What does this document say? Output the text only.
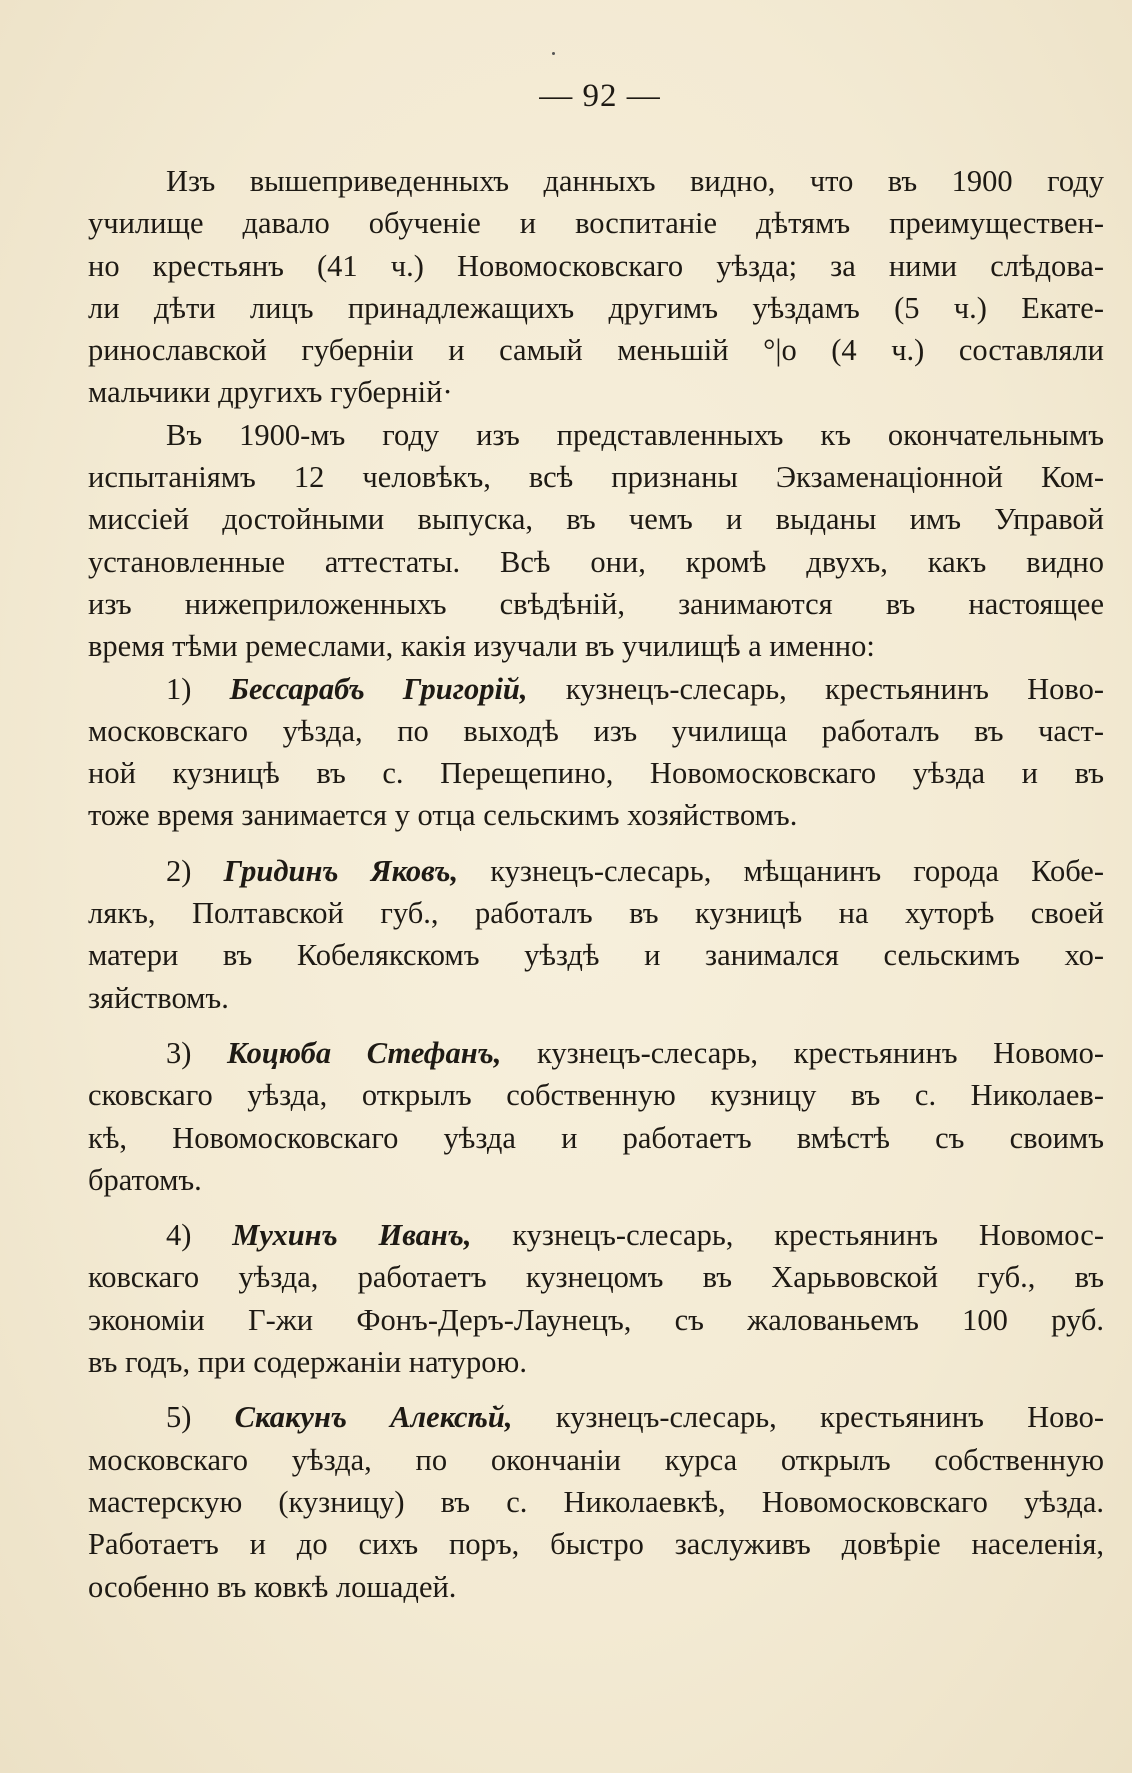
— 92 —
Изъ вышеприведенныхъ данныхъ видно, что въ 1900 году
училище давало обученіе и воспитаніе дѣтямъ преимуществен-
но крестьянъ (41 ч.) Новомосковскаго уѣзда; за ними слѣдова-
ли дѣти лицъ принадлежащихъ другимъ уѣздамъ (5 ч.) Екате-
ринославской губерніи и самый меньшій °|о (4 ч.) составляли
мальчики другихъ губерній·
Въ 1900-мъ году изъ представленныхъ къ окончательнымъ
испытаніямъ 12 человѣкъ, всѣ признаны Экзаменаціонной Ком-
миссіей достойными выпуска, въ чемъ и выданы имъ Управой
установленные аттестаты. Всѣ они, кромѣ двухъ, какъ видно
изъ нижеприложенныхъ свѣдѣній, занимаются въ настоящее
время тѣми ремеслами, какія изучали въ училищѣ а именно:
1) Бессарабъ Григорій, кузнецъ-слесарь, крестьянинъ Ново-
московскаго уѣзда, по выходѣ изъ училища работалъ въ част-
ной кузницѣ въ с. Перещепино, Новомосковскаго уѣзда и въ
тоже время занимается у отца сельскимъ хозяйствомъ.
2) Гридинъ Яковъ, кузнецъ-слесарь, мѣщанинъ города Кобе-
лякъ, Полтавской губ., работалъ въ кузницѣ на хуторѣ своей
матери въ Кобелякскомъ уѣздѣ и занимался сельскимъ хо-
зяйствомъ.
3) Коцюба Стефанъ, кузнецъ-слесарь, крестьянинъ Новомо-
сковскаго уѣзда, открылъ собственную кузницу въ с. Николаев-
кѣ, Новомосковскаго уѣзда и работаетъ вмѣстѣ съ своимъ
братомъ.
4) Мухинъ Иванъ, кузнецъ-слесарь, крестьянинъ Новомос-
ковскаго уѣзда, работаетъ кузнецомъ въ Харьвовской губ., въ
экономіи Г-жи Фонъ-Деръ-Лаунецъ, съ жалованьемъ 100 руб.
въ годъ, при содержаніи натурою.
5) Скакунъ Алексѣй, кузнецъ-слесарь, крестьянинъ Ново-
московскаго уѣзда, по окончаніи курса открылъ собственную
мастерскую (кузницу) въ с. Николаевкѣ, Новомосковскаго уѣзда.
Работаетъ и до сихъ поръ, быстро заслуживъ довѣріе населенія,
особенно въ ковкѣ лошадей.
